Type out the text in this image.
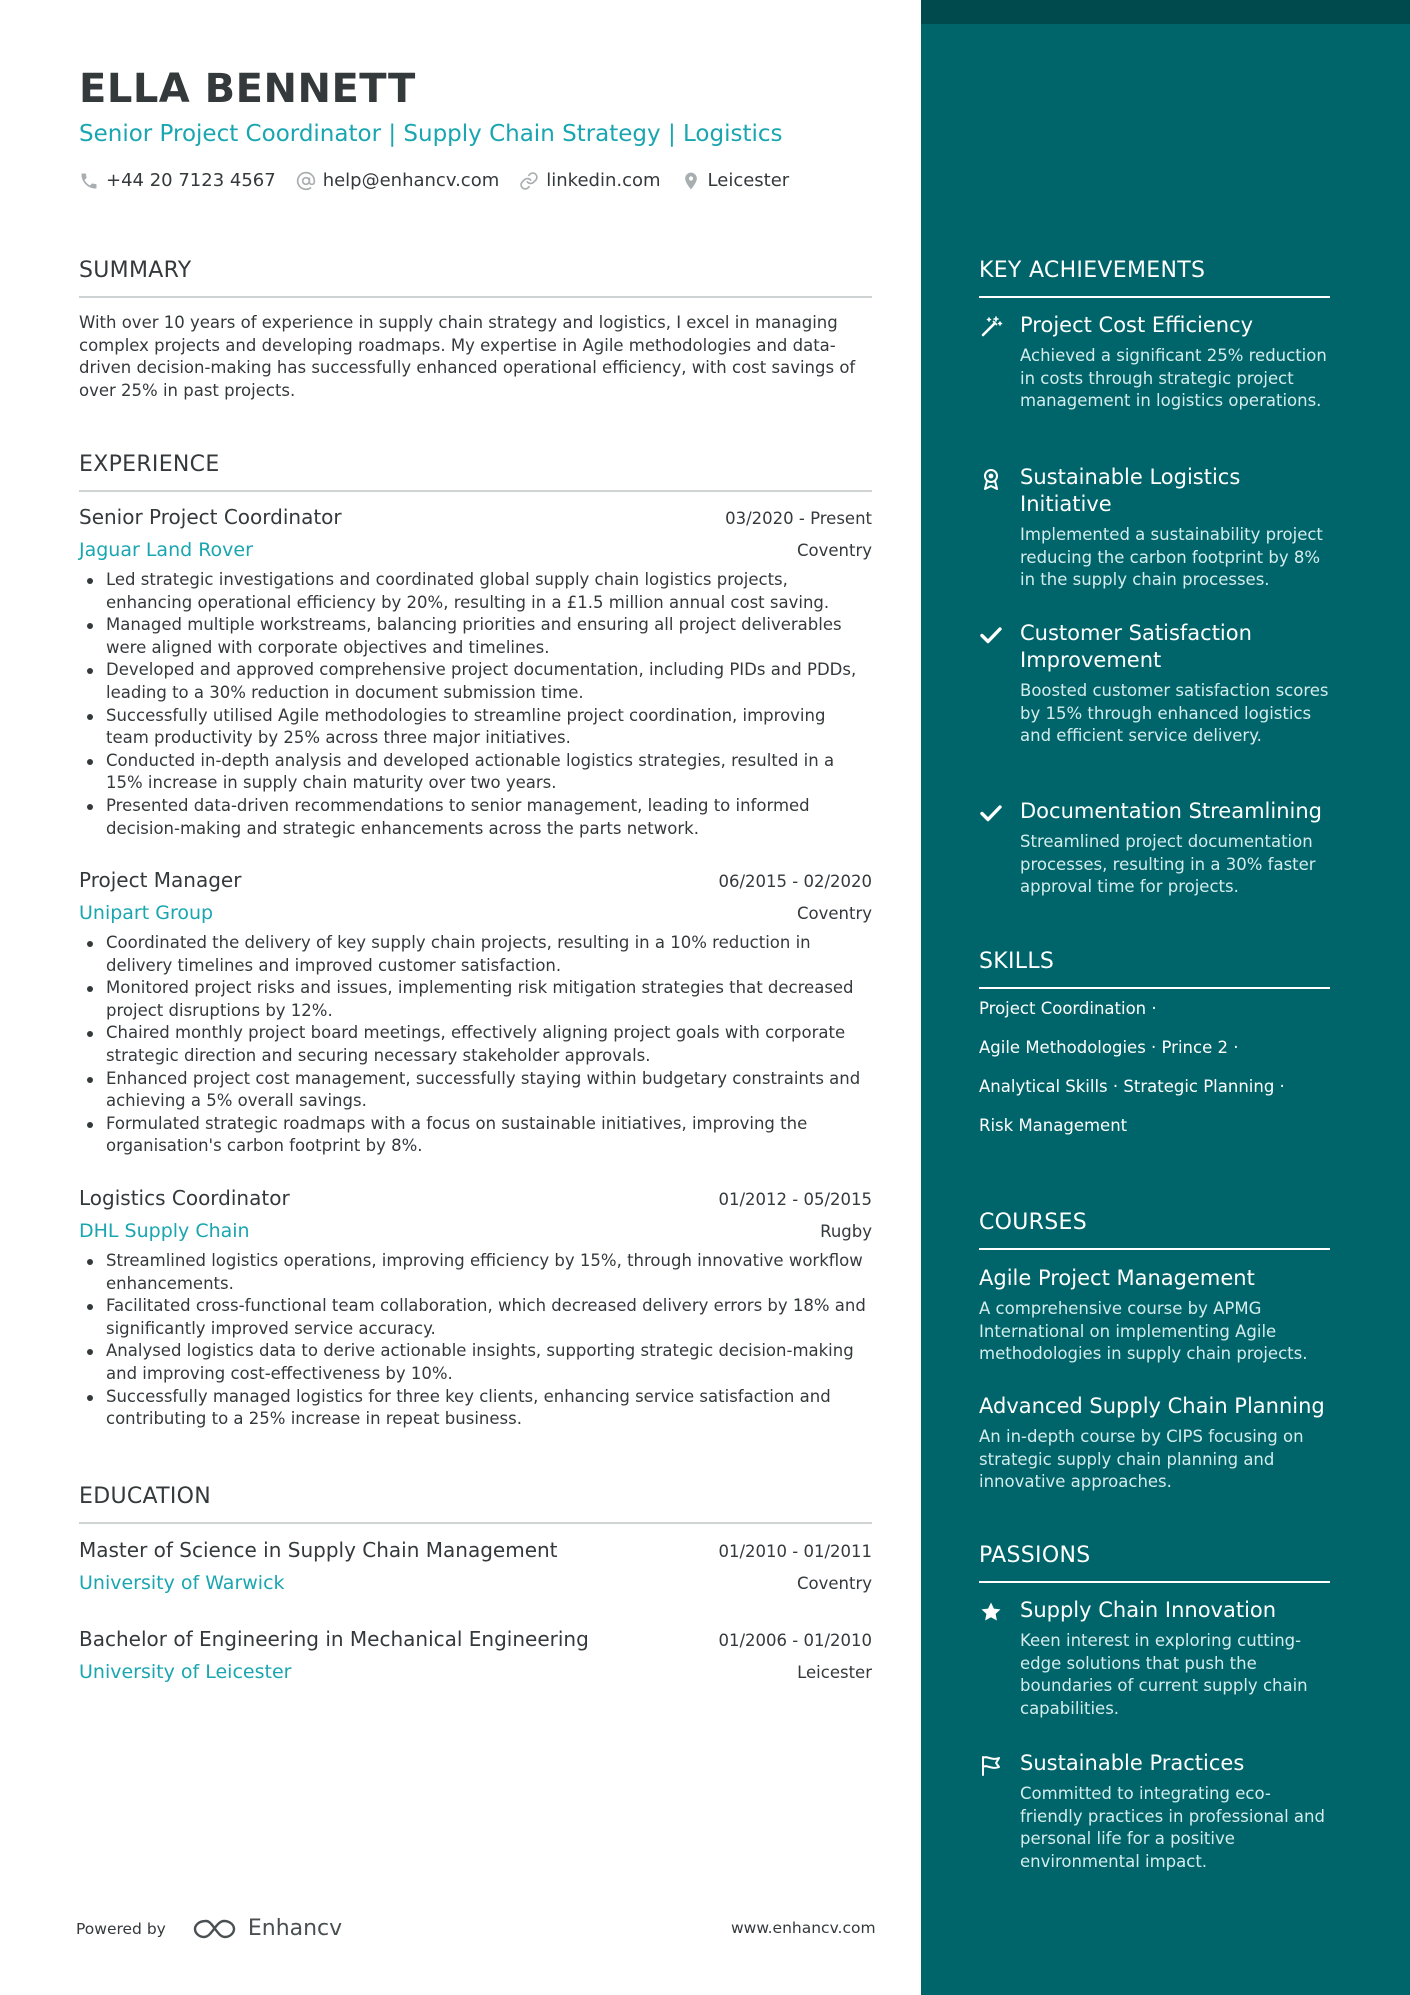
ELLA BENNETT
Senior Project Coordinator | Supply Chain Strategy | Logistics
+44 20 7123 4567	help@enhancv.com	linkedin.com	Leicester
SUMMARY
With over 10 years of experience in supply chain strategy and logistics, I excel in managing complex projects and developing roadmaps. My expertise in Agile methodologies and data-driven decision-making has successfully enhanced operational efficiency, with cost savings of over 25% in past projects.
EXPERIENCE
Senior Project Coordinator	03/2020 - Present
Jaguar Land Rover	Coventry
Led strategic investigations and coordinated global supply chain logistics projects, enhancing operational efficiency by 20%, resulting in a £1.5 million annual cost saving.
Managed multiple workstreams, balancing priorities and ensuring all project deliverables were aligned with corporate objectives and timelines.
Developed and approved comprehensive project documentation, including PIDs and PDDs, leading to a 30% reduction in document submission time.
Successfully utilised Agile methodologies to streamline project coordination, improving team productivity by 25% across three major initiatives.
Conducted in-depth analysis and developed actionable logistics strategies, resulted in a 15% increase in supply chain maturity over two years.
Presented data-driven recommendations to senior management, leading to informed decision-making and strategic enhancements across the parts network.
Project Manager	06/2015 - 02/2020
Unipart Group	Coventry
Coordinated the delivery of key supply chain projects, resulting in a 10% reduction in delivery timelines and improved customer satisfaction.
Monitored project risks and issues, implementing risk mitigation strategies that decreased project disruptions by 12%.
Chaired monthly project board meetings, effectively aligning project goals with corporate strategic direction and securing necessary stakeholder approvals.
Enhanced project cost management, successfully staying within budgetary constraints and achieving a 5% overall savings.
Formulated strategic roadmaps with a focus on sustainable initiatives, improving the organisation's carbon footprint by 8%.
Logistics Coordinator	01/2012 - 05/2015
DHL Supply Chain	Rugby
Streamlined logistics operations, improving efficiency by 15%, through innovative workflow enhancements.
Facilitated cross-functional team collaboration, which decreased delivery errors by 18% and significantly improved service accuracy.
Analysed logistics data to derive actionable insights, supporting strategic decision-making and improving cost-effectiveness by 10%.
Successfully managed logistics for three key clients, enhancing service satisfaction and contributing to a 25% increase in repeat business.
EDUCATION
Master of Science in Supply Chain Management	01/2010 - 01/2011
University of Warwick	Coventry
Bachelor of Engineering in Mechanical Engineering	01/2006 - 01/2010
University of Leicester	Leicester
Powered by	Enhancv	www.enhancv.com
KEY ACHIEVEMENTS
Project Cost Efficiency
Achieved a significant 25% reduction in costs through strategic project management in logistics operations.
Sustainable Logistics Initiative
Implemented a sustainability project reducing the carbon footprint by 8% in the supply chain processes.
Customer Satisfaction Improvement
Boosted customer satisfaction scores by 15% through enhanced logistics and efficient service delivery.
Documentation Streamlining
Streamlined project documentation processes, resulting in a 30% faster approval time for projects.
SKILLS
Project Coordination ·
Agile Methodologies · Prince 2 ·
Analytical Skills · Strategic Planning ·
Risk Management
COURSES
Agile Project Management
A comprehensive course by APMG International on implementing Agile methodologies in supply chain projects.
Advanced Supply Chain Planning
An in-depth course by CIPS focusing on strategic supply chain planning and innovative approaches.
PASSIONS
Supply Chain Innovation
Keen interest in exploring cutting-edge solutions that push the boundaries of current supply chain capabilities.
Sustainable Practices
Committed to integrating eco-friendly practices in professional and personal life for a positive environmental impact.
